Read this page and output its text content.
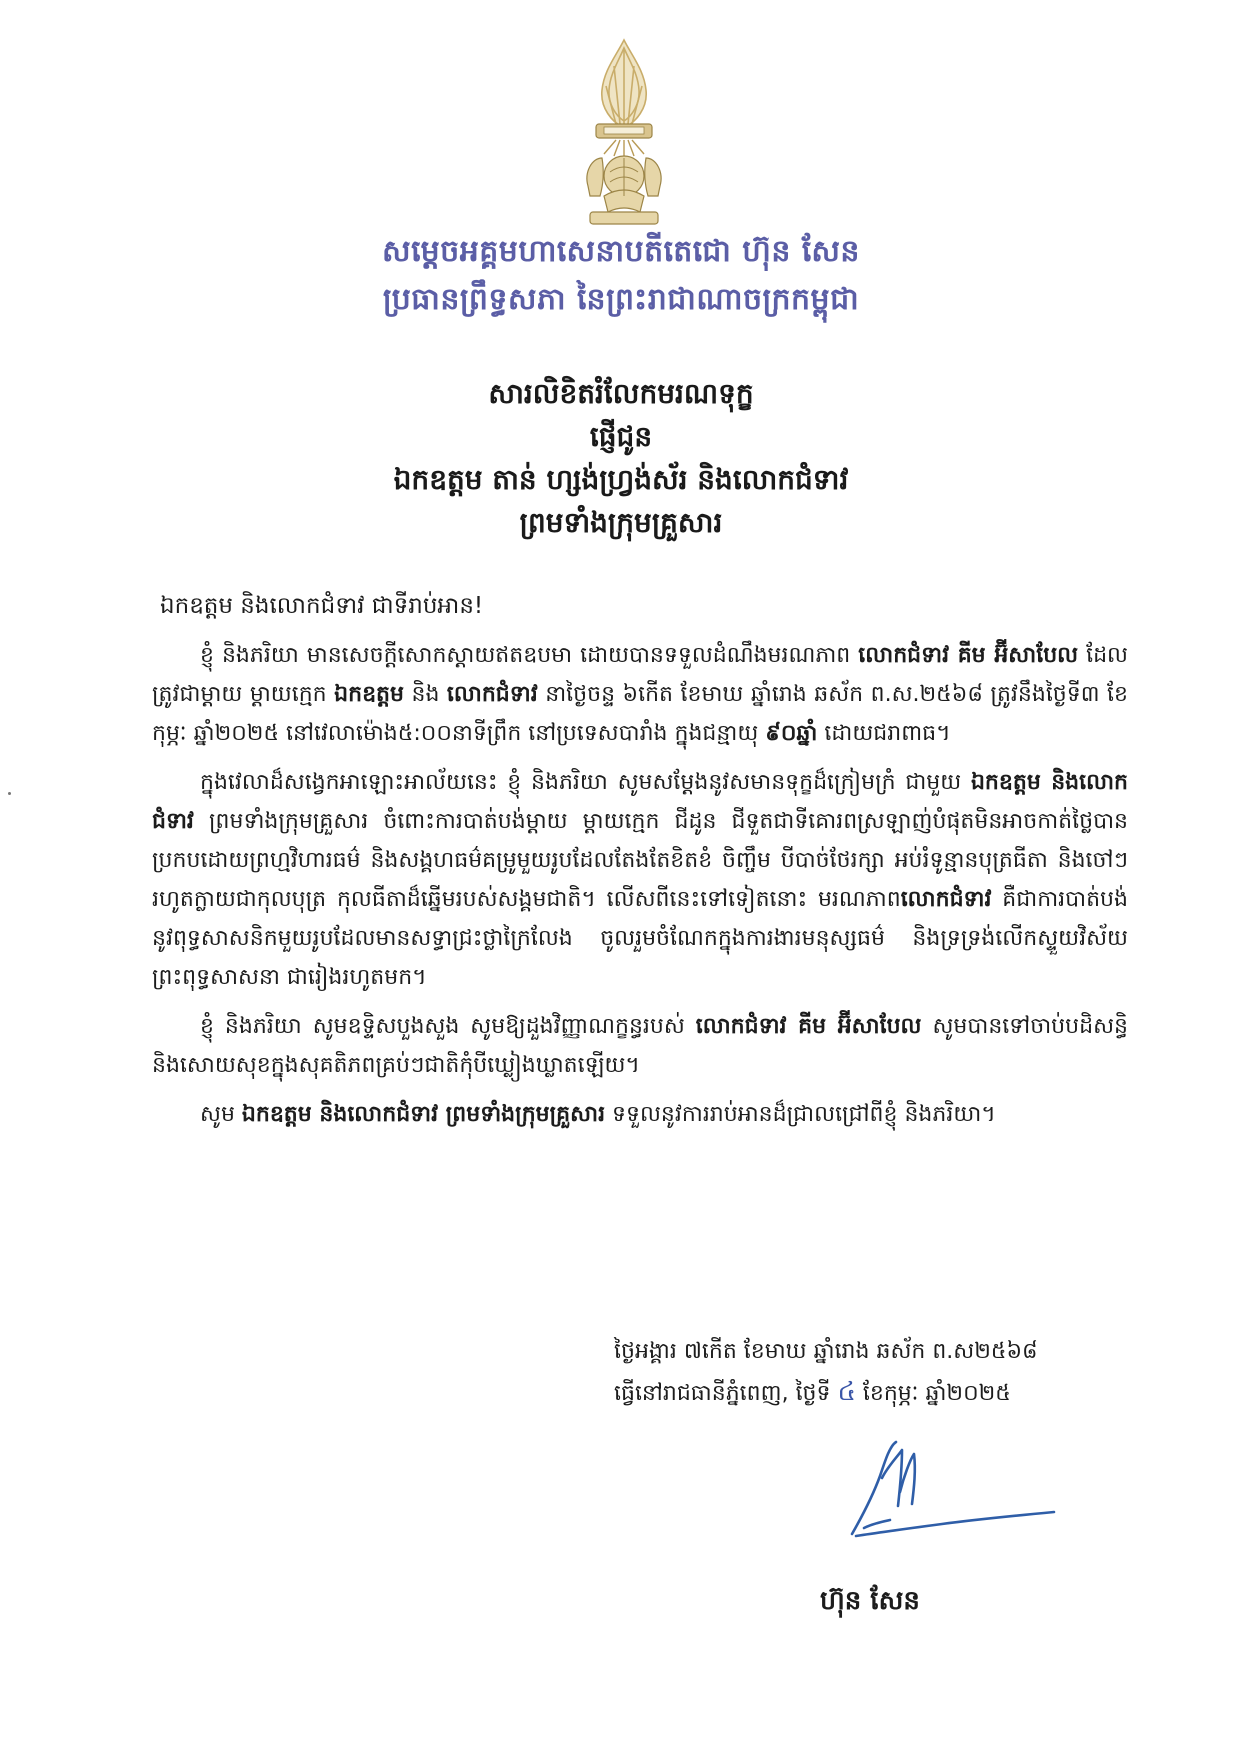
សម្តេចអគ្គមហាសេនាបតីតេជោ ហ៊ុន សែន
ប្រធានព្រឹទ្ធសភា នៃព្រះរាជាណាចក្រកម្ពុជា
សារលិខិតរំលែកមរណទុក្ខ
ផ្ញើជូន
ឯកឧត្តម តាន់ ហ្សង់ហ្វ្រង់ស័រ និងលោកជំទាវ
ព្រមទាំងក្រុមគ្រួសារ
ឯកឧត្តម និងលោកជំទាវ ជាទីរាប់អាន!

ខ្ញុំ និងភរិយា មានសេចក្តីសោកស្តាយឥតឧបមា ដោយបានទទួលដំណឹងមរណភាព លោកជំទាវ គីម អ៊ីសាបែល ដែលត្រូវជាម្តាយ ម្តាយក្មេក ឯកឧត្តម និង លោកជំទាវ នាថ្ងៃចន្ទ ៦កើត ខែមាឃ ឆ្នាំរោង ឆស័ក ព.ស.២៥៦៨ ត្រូវនឹងថ្ងៃទី៣ ខែកុម្ភៈ ឆ្នាំ២០២៥ នៅវេលាម៉ោង៥:០០នាទីព្រឹក នៅប្រទេសបារាំង ក្នុងជន្មាយុ ៩០ឆ្នាំ ដោយជរាពាធ។

ក្នុងវេលាដ៏សង្វេកអាឡោះអាល័យនេះ ខ្ញុំ និងភរិយា សូមសម្តែងនូវសមានទុក្ខដ៏ក្រៀមក្រំ ជាមួយ ឯកឧត្តម និងលោកជំទាវ ព្រមទាំងក្រុមគ្រួសារ ចំពោះការបាត់បង់ម្តាយ ម្តាយក្មេក ជីដូន ជីទួតជាទីគោរពស្រឡាញ់បំផុតមិនអាចកាត់ថ្លៃបានប្រកបដោយព្រហ្មវិហារធម៌ និងសង្គហធម៌គម្រូមួយរូបដែលតែងតែខិតខំ ចិញ្ចឹម បីបាច់ថែរក្សា អប់រំទូន្មានបុត្រធីតា និងចៅៗ រហូតក្លាយជាកុលបុត្រ កុលធីតាដ៏ឆ្នើមរបស់សង្គមជាតិ។ លើសពីនេះទៅទៀតនោះ មរណភាពលោកជំទាវ គឺជាការបាត់បង់នូវពុទ្ធសាសនិកមួយរូបដែលមានសទ្ធាជ្រះថ្លាក្រៃលែង ចូលរួមចំណែកក្នុងការងារមនុស្សធម៌ និងទ្រទ្រង់លើកស្ទួយវិស័យព្រះពុទ្ធសាសនា ជារៀងរហូតមក។

ខ្ញុំ និងភរិយា សូមឧទ្ទិសបួងសួង សូមឱ្យដួងវិញ្ញាណក្ខន្ធរបស់ លោកជំទាវ គីម អ៊ីសាបែល សូមបានទៅចាប់បដិសន្ធិ និងសោយសុខក្នុងសុគតិភពគ្រប់ៗជាតិកុំបីឃ្លៀងឃ្លាតឡើយ។

សូម ឯកឧត្តម និងលោកជំទាវ ព្រមទាំងក្រុមគ្រួសារ ទទួលនូវការរាប់អានដ៏ជ្រាលជ្រៅពីខ្ញុំ និងភរិយា។

ថ្ងៃអង្គារ ៧កើត ខែមាឃ ឆ្នាំរោង ឆស័ក ព.ស២៥៦៨
ធ្វើនៅរាជធានីភ្នំពេញ, ថ្ងៃទី ៤ ខែកុម្ភៈ ឆ្នាំ២០២៥
ហ៊ុន សែន
